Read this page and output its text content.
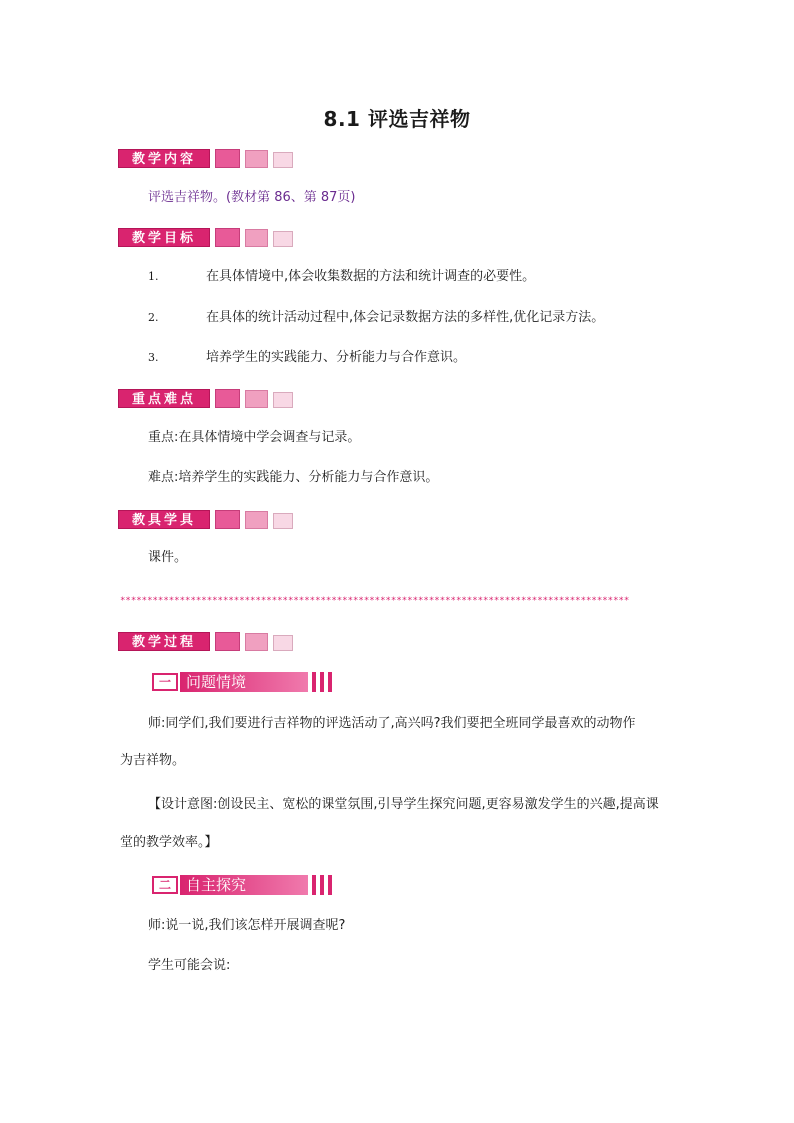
8.1 评选吉祥物
教学内容
评选吉祥物。(教材第 86、第 87页)
教学目标
1.	在具体情境中,体会收集数据的方法和统计调查的必要性。
2.	在具体的统计活动过程中,体会记录数据方法的多样性,优化记录方法。
3.	培养学生的实践能力、分析能力与合作意识。
重点难点
重点:在具体情境中学会调查与记录。
难点:培养学生的实践能力、分析能力与合作意识。
教具学具
课件。
**********************************************************************************************
教学过程
一	问题情境
师:同学们,我们要进行吉祥物的评选活动了,高兴吗?我们要把全班同学最喜欢的动物作
为吉祥物。
【设计意图:创设民主、宽松的课堂氛围,引导学生探究问题,更容易激发学生的兴趣,提高课
堂的教学效率。】
二	自主探究
师:说一说,我们该怎样开展调查呢?
学生可能会说:
